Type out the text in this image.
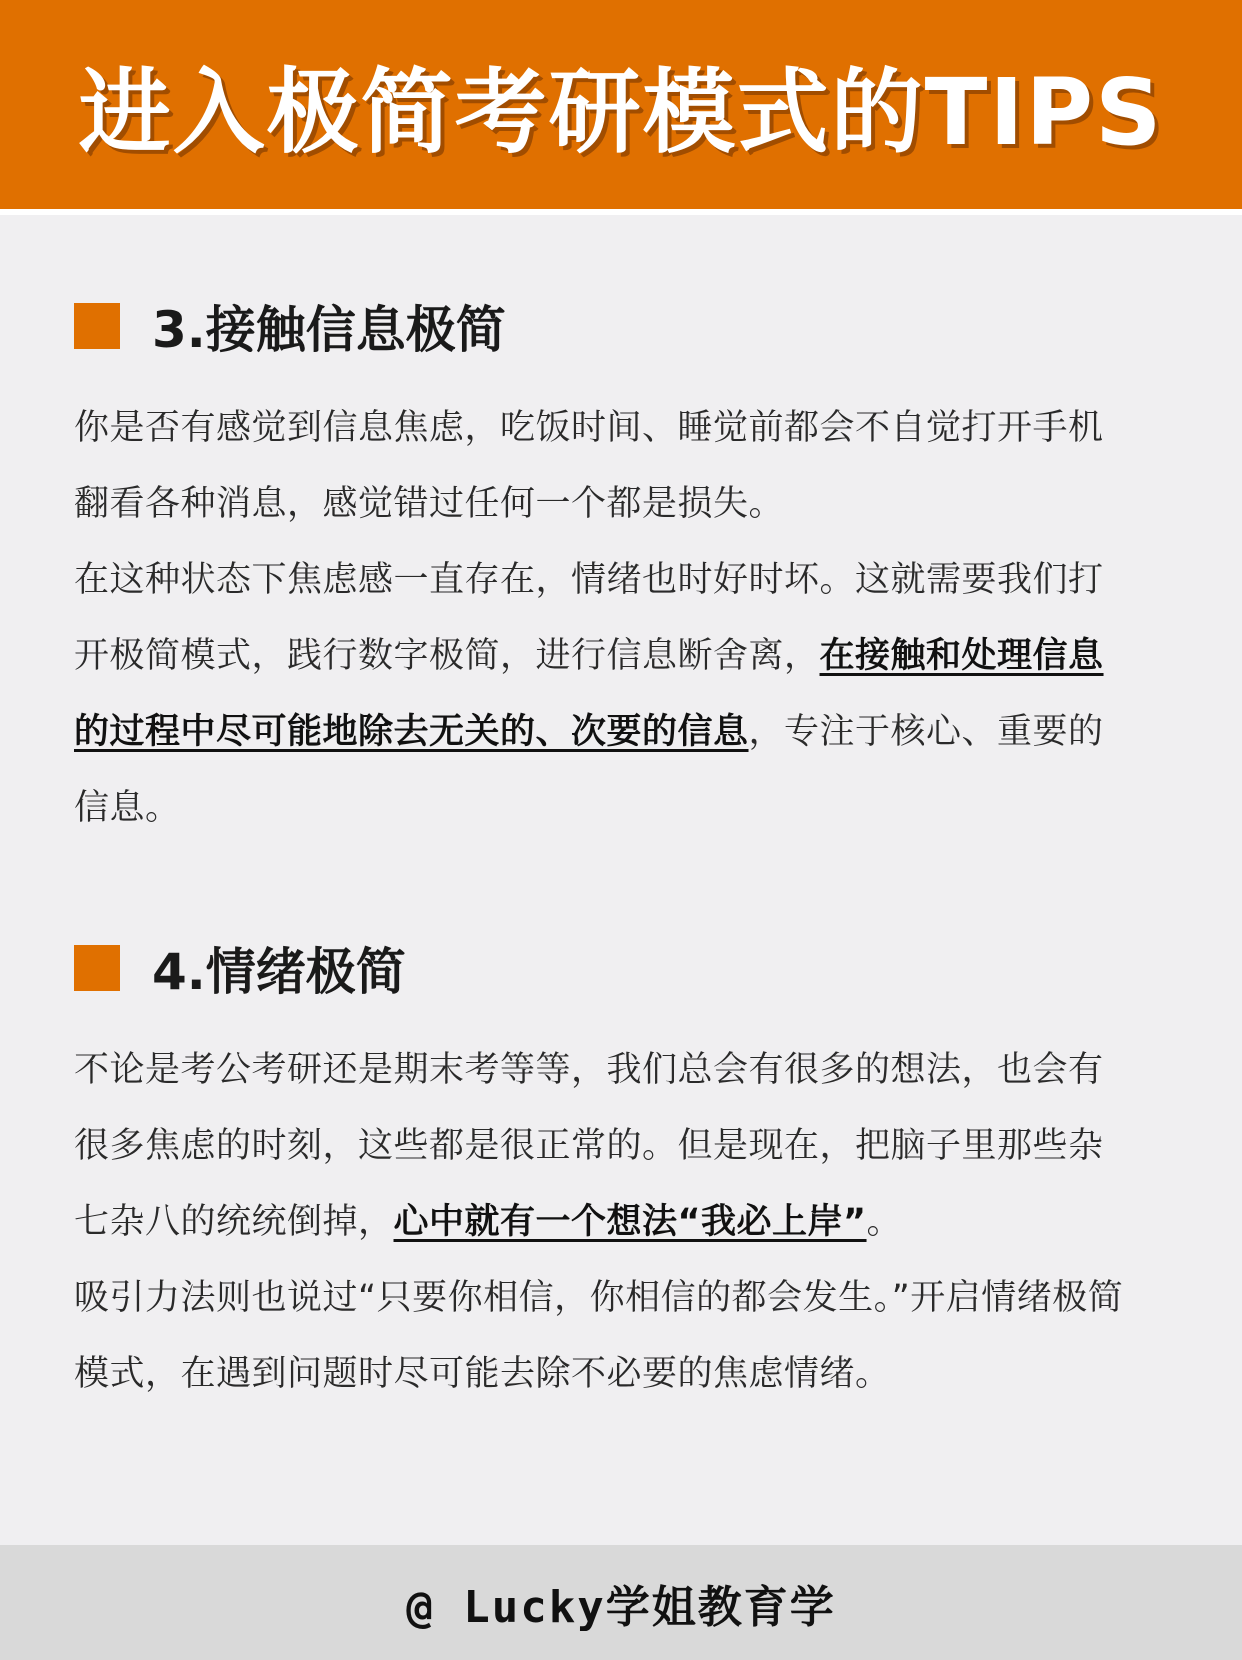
进入极简考研模式的TIPS
3.接触信息极简

你是否有感觉到信息焦虑，吃饭时间、睡觉前都会不自觉打开手机翻看各种消息，感觉错过任何一个都是损失。

在这种状态下焦虑感一直存在，情绪也时好时坏。这就需要我们打开极简模式，践行数字极简，进行信息断舍离，在接触和处理信息的过程中尽可能地除去无关的、次要的信息，专注于核心、重要的信息。

4.情绪极简

不论是考公考研还是期末考等等，我们总会有很多的想法，也会有很多焦虑的时刻，这些都是很正常的。但是现在，把脑子里那些杂七杂八的统统倒掉，心中就有一个想法“我必上岸”。

吸引力法则也说过“只要你相信，你相信的都会发生。”开启情绪极简模式，在遇到问题时尽可能去除不必要的焦虑情绪。

@ Lucky学姐教育学
